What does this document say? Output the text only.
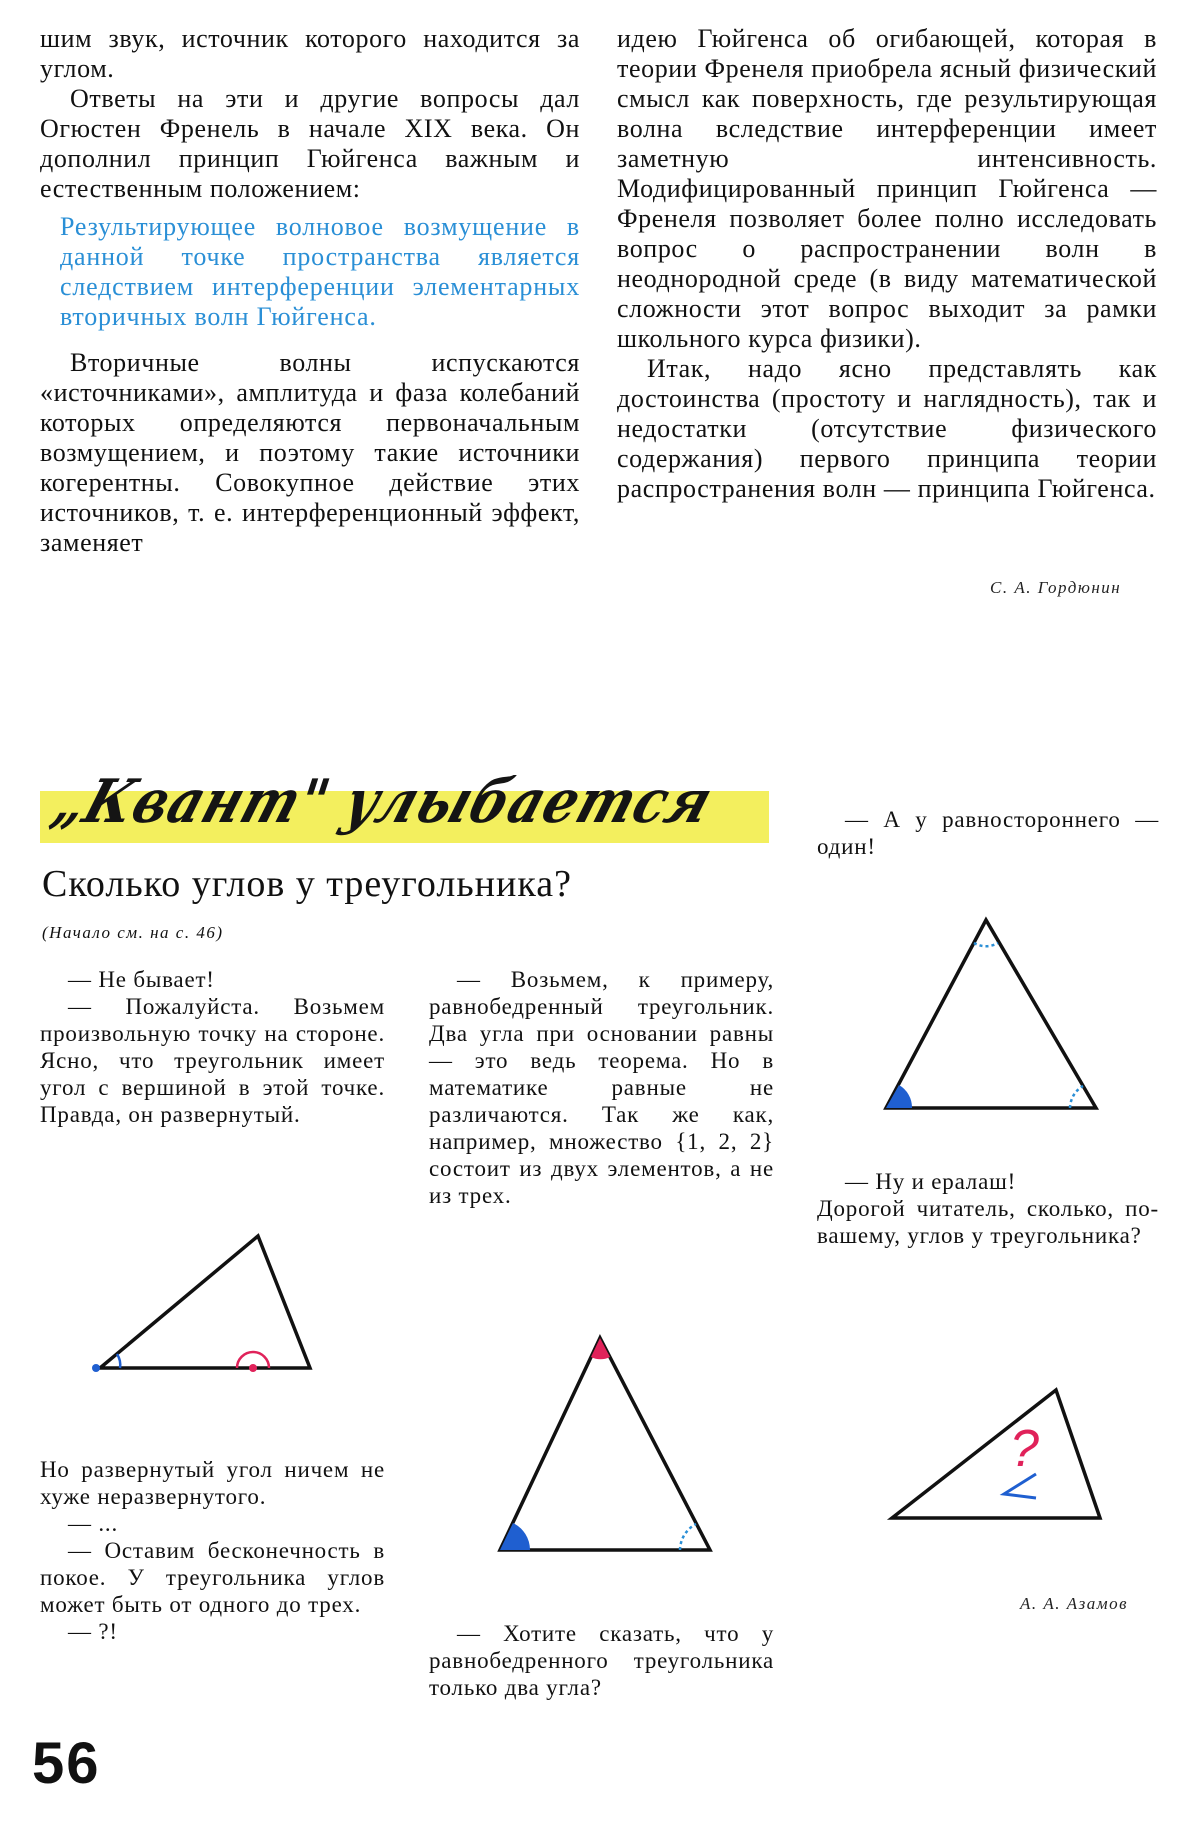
шим звук, источник которого находится за углом.

Ответы на эти и другие вопросы дал Огюстен Френель в начале XIX века. Он дополнил принцип Гюйгенса важным и естественным положением:

Результирующее волновое возмущение в данной точке пространства является следствием интерференции элементарных вторичных волн Гюйгенса.

Вторичные волны испускаются «источниками», амплитуда и фаза колебаний которых определяются первоначальным возмущением, и поэтому такие источники когерентны. Совокупное действие этих источников, т. е. интерференционный эффект, заменяет

идею Гюйгенса об огибающей, которая в теории Френеля приобрела ясный физический смысл как поверхность, где результирующая волна вследствие интерференции имеет заметную интенсивность. Модифицированный принцип Гюйгенса — Френеля позволяет более полно исследовать вопрос о распространении волн в неоднородной среде (в виду математической сложности этот вопрос выходит за рамки школьного курса физики).

Итак, надо ясно представлять как достоинства (простоту и наглядность), так и недостатки (отсутствие физического содержания) первого принципа теории распространения волн — принципа Гюйгенса.

С. А. Гордюнин
„Квант" улыбается
Сколько углов у треугольника?
(Начало см. на с. 46)

— Не бывает!

— Пожалуйста. Возьмем произвольную точку на стороне. Ясно, что треугольник имеет угол с вершиной в этой точке. Правда, он развернутый.

Но развернутый угол ничем не хуже неразвернутого.

— ...

— Оставим бесконечность в покое. У треугольника углов может быть от одного до трех.

— ?!

— Возьмем, к примеру, равнобедренный треугольник. Два угла при основании равны — это ведь теорема. Но в математике равные не различаются. Так же как, например, множество {1, 2, 2} состоит из двух элементов, а не из трех.

— Хотите сказать, что у равнобедренного треугольника только два угла?

— А у равностороннего — один!

— Ну и ералаш!

Дорогой читатель, сколько, по-вашему, углов у треугольника?

А. А. Азамов
?
56
